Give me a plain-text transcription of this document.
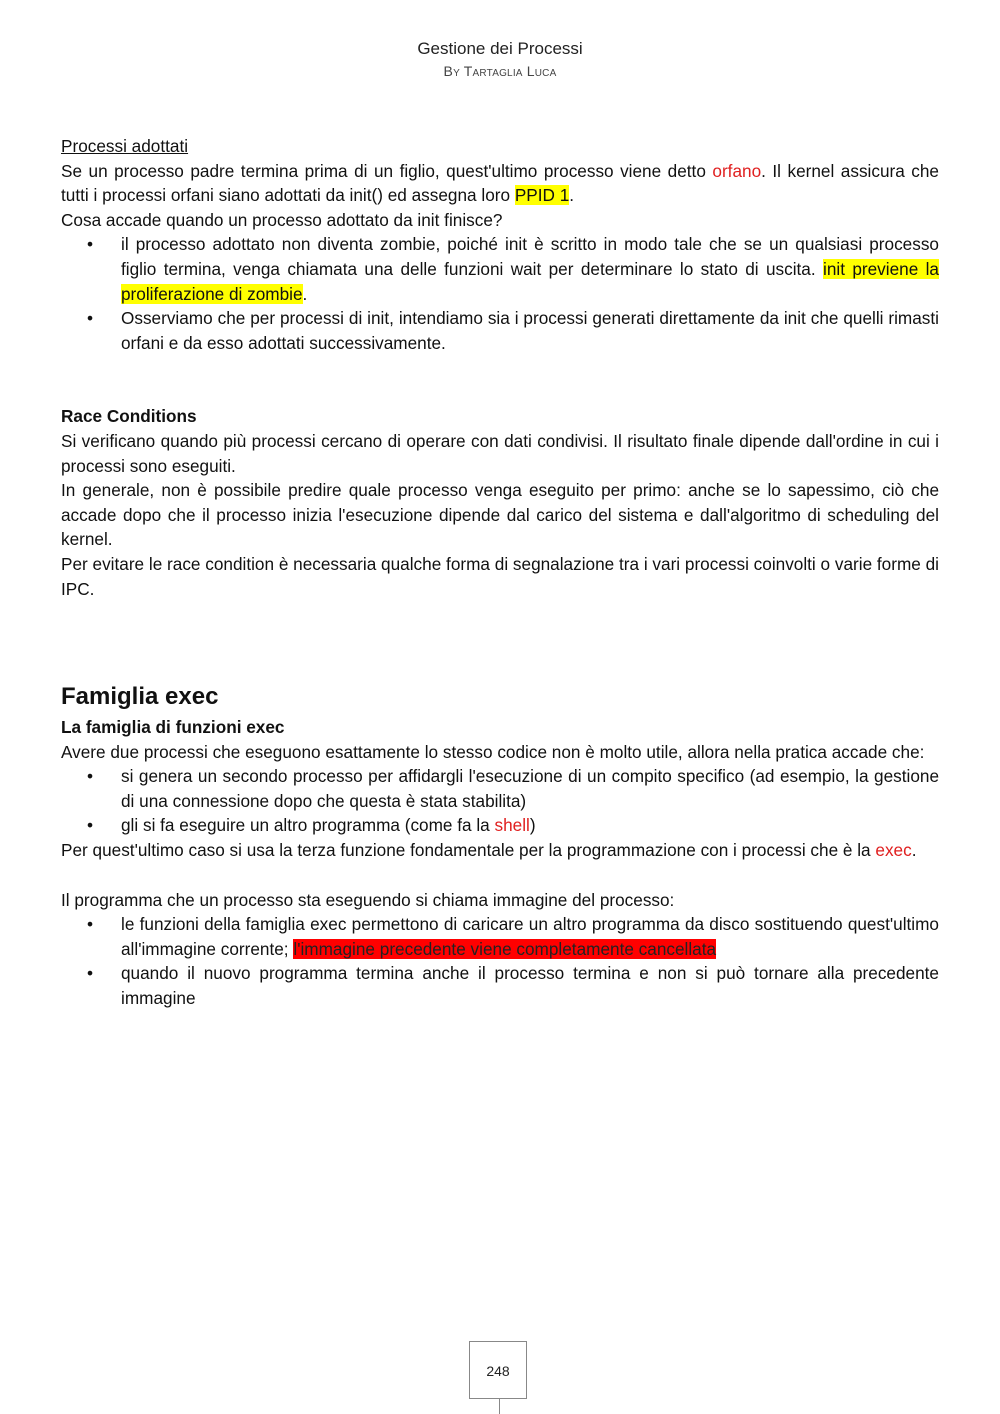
Gestione dei Processi
By Tartaglia Luca

Processi adottati

Se un processo padre termina prima di un figlio, quest'ultimo processo viene detto orfano. Il kernel assicura che tutti i processi orfani siano adottati da init() ed assegna loro PPID 1.

Cosa accade quando un processo adottato da init finisce?

• il processo adottato non diventa zombie, poiché init è scritto in modo tale che se un qualsiasi processo figlio termina, venga chiamata una delle funzioni wait per determinare lo stato di uscita. init previene la proliferazione di zombie.
• Osserviamo che per processi di init, intendiamo sia i processi generati direttamente da init che quelli rimasti orfani e da esso adottati successivamente.

Race Conditions

Si verificano quando più processi cercano di operare con dati condivisi. Il risultato finale dipende dall'ordine in cui i processi sono eseguiti.

In generale, non è possibile predire quale processo venga eseguito per primo: anche se lo sapessimo, ciò che accade dopo che il processo inizia l'esecuzione dipende dal carico del sistema e dall'algoritmo di scheduling del kernel.

Per evitare le race condition è necessaria qualche forma di segnalazione tra i vari processi coinvolti o varie forme di IPC.

Famiglia exec

La famiglia di funzioni exec

Avere due processi che eseguono esattamente lo stesso codice non è molto utile, allora nella pratica accade che:

• si genera un secondo processo per affidargli l'esecuzione di un compito specifico (ad esempio, la gestione di una connessione dopo che questa è stata stabilita)
• gli si fa eseguire un altro programma (come fa la shell)

Per quest'ultimo caso si usa la terza funzione fondamentale per la programmazione con i processi che è la exec.

Il programma che un processo sta eseguendo si chiama immagine del processo:

• le funzioni della famiglia exec permettono di caricare un altro programma da disco sostituendo quest'ultimo all'immagine corrente; l'immagine precedente viene completamente cancellata
• quando il nuovo programma termina anche il processo termina e non si può tornare alla precedente immagine
248
